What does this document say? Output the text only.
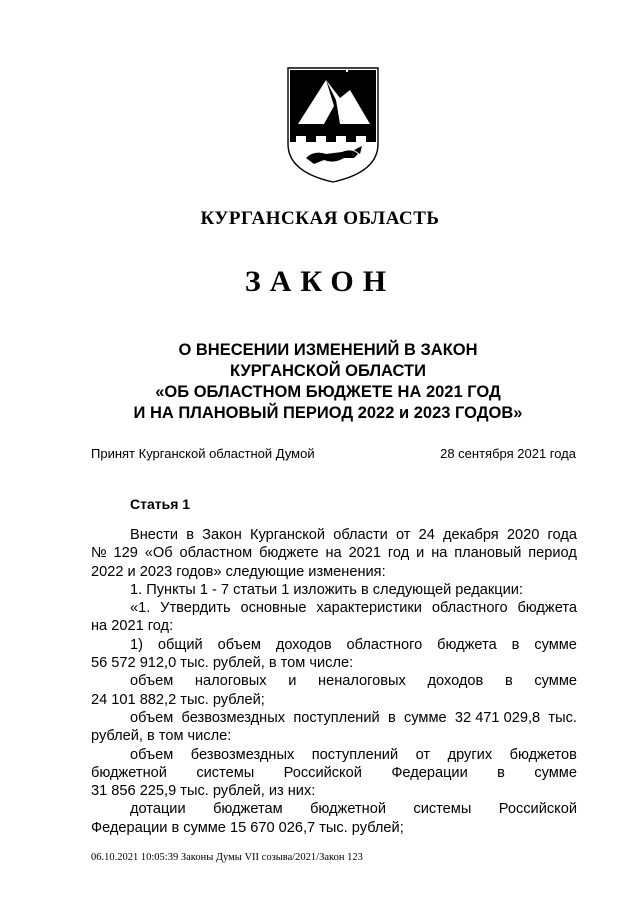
КУРГАНСКАЯ ОБЛАСТЬ
ЗАКОН
О ВНЕСЕНИИ ИЗМЕНЕНИЙ В ЗАКОН
КУРГАНСКОЙ ОБЛАСТИ
«ОБ ОБЛАСТНОМ БЮДЖЕТЕ НА 2021 ГОД
И НА ПЛАНОВЫЙ ПЕРИОД 2022 и 2023 ГОДОВ»
Принят Курганской областной Думой	28 сентября 2021 года
Статья 1
Внести в Закон Курганской области от 24 декабря 2020 года
№ 129 «Об областном бюджете на 2021 год и на плановый период
2022 и 2023 годов» следующие изменения:
1. Пункты 1 - 7 статьи 1 изложить в следующей редакции:
«1. Утвердить основные характеристики областного бюджета
на 2021 год:
1) общий объем доходов областного бюджета в сумме
56 572 912,0 тыс. рублей, в том числе:
объем налоговых и неналоговых доходов в сумме
24 101 882,2 тыс. рублей;
объем безвозмездных поступлений в сумме 32 471 029,8 тыс.
рублей, в том числе:
объем безвозмездных поступлений от других бюджетов
бюджетной системы Российской Федерации в сумме
31 856 225,9 тыс. рублей, из них:
дотации бюджетам бюджетной системы Российской
Федерации в сумме 15 670 026,7 тыс. рублей;
06.10.2021 10:05:39 Законы Думы VII созыва/2021/Закон 123
